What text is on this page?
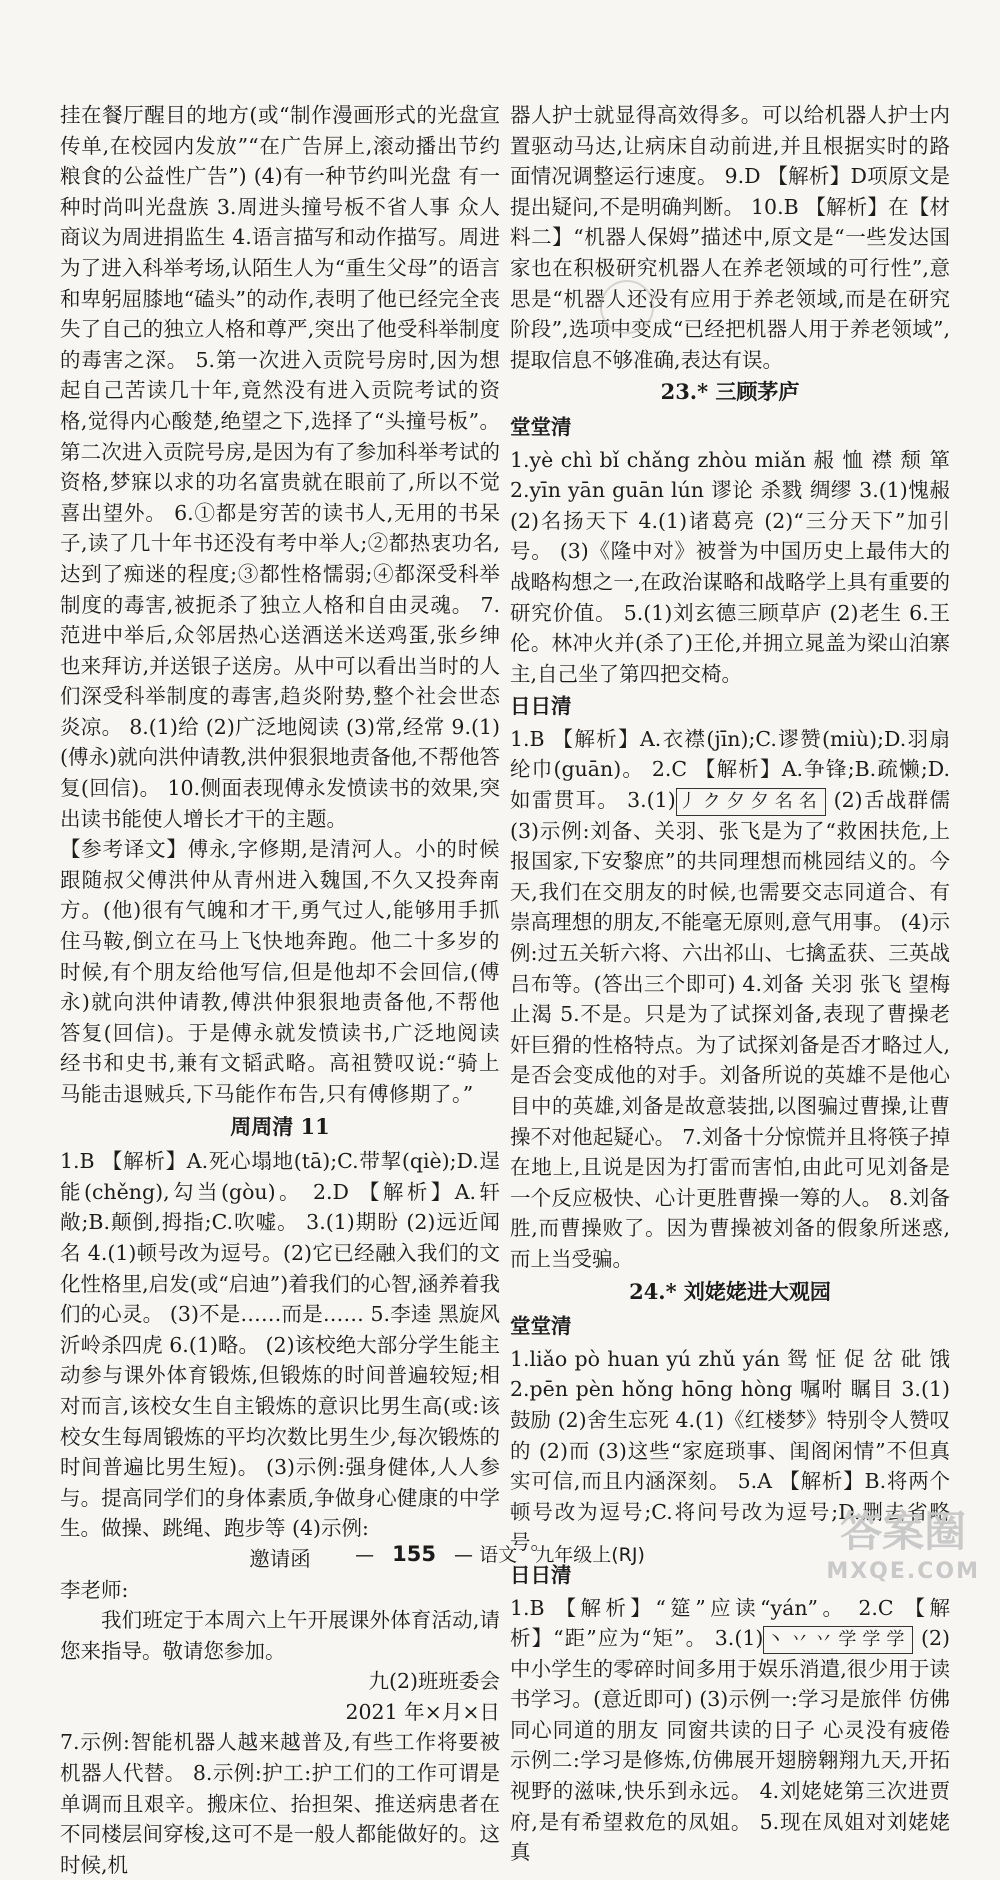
挂在餐厅醒目的地方(或“制作漫画形式的光盘宣传单,在校园内发放”“在广告屏上,滚动播出节约粮食的公益性广告”) (4)有一种节约叫光盘 有一种时尚叫光盘族 3.周进头撞号板不省人事 众人商议为周进捐监生 4.语言描写和动作描写。周进为了进入科举考场,认陌生人为“重生父母”的语言和卑躬屈膝地“磕头”的动作,表明了他已经完全丧失了自己的独立人格和尊严,突出了他受科举制度的毒害之深。 5.第一次进入贡院号房时,因为想起自己苦读几十年,竟然没有进入贡院考试的资格,觉得内心酸楚,绝望之下,选择了“头撞号板”。第二次进入贡院号房,是因为有了参加科举考试的资格,梦寐以求的功名富贵就在眼前了,所以不觉喜出望外。 6.①都是穷苦的读书人,无用的书呆子,读了几十年书还没有考中举人;②都热衷功名,达到了痴迷的程度;③都性格懦弱;④都深受科举制度的毒害,被扼杀了独立人格和自由灵魂。 7.范进中举后,众邻居热心送酒送米送鸡蛋,张乡绅也来拜访,并送银子送房。从中可以看出当时的人们深受科举制度的毒害,趋炎附势,整个社会世态炎凉。 8.(1)给 (2)广泛地阅读 (3)常,经常 9.(1)(傅永)就向洪仲请教,洪仲狠狠地责备他,不帮他答复(回信)。 10.侧面表现傅永发愤读书的效果,突出读书能使人增长才干的主题。

【参考译文】傅永,字修期,是清河人。小的时候跟随叔父傅洪仲从青州进入魏国,不久又投奔南方。(他)很有气魄和才干,勇气过人,能够用手抓住马鞍,倒立在马上飞快地奔跑。他二十多岁的时候,有个朋友给他写信,但是他却不会回信,(傅永)就向洪仲请教,傅洪仲狠狠地责备他,不帮他答复(回信)。于是傅永就发愤读书,广泛地阅读经书和史书,兼有文韬武略。高祖赞叹说:“骑上马能击退贼兵,下马能作布告,只有傅修期了。”

周周清 11

1.B 【解析】A.死心塌地(tā);C.带挈(qiè);D.逞能(chěng),勾当(gòu)。 2.D 【解析】A.轩敞;B.颠倒,拇指;C.吹嘘。 3.(1)期盼 (2)远近闻名 4.(1)顿号改为逗号。(2)它已经融入我们的文化性格里,启发(或“启迪”)着我们的心智,涵养着我们的心灵。 (3)不是……而是…… 5.李逵 黑旋风 沂岭杀四虎 6.(1)略。 (2)该校绝大部分学生能主动参与课外体育锻炼,但锻炼的时间普遍较短;相对而言,该校女生自主锻炼的意识比男生高(或:该校女生每周锻炼的平均次数比男生少,每次锻炼的时间普遍比男生短)。 (3)示例:强身健体,人人参与。提高同学们的身体素质,争做身心健康的中学生。做操、跳绳、跑步等 (4)示例:

邀请函
李老师:

我们班定于本周六上午开展课外体育活动,请您来指导。敬请您参加。

九(2)班班委会
2021 年×月×日

7.示例:智能机器人越来越普及,有些工作将要被机器人代替。 8.示例:护工:护工们的工作可谓是单调而且艰辛。搬床位、抬担架、推送病患者在不同楼层间穿梭,这可不是一般人都能做好的。这时候,机

器人护士就显得高效得多。可以给机器人护士内置驱动马达,让病床自动前进,并且根据实时的路面情况调整运行速度。 9.D 【解析】D项原文是提出疑问,不是明确判断。 10.B 【解析】在【材料二】“机器人保姆”描述中,原文是“一些发达国家也在积极研究机器人在养老领域的可行性”,意思是“机器人还没有应用于养老领域,而是在研究阶段”,选项中变成“已经把机器人用于养老领域”,提取信息不够准确,表达有误。

23.* 三顾茅庐
堂堂清

1.yè chì bǐ chǎng zhòu miǎn 赧 恤 襟 颓 箪 2.yīn yān guān lún 谬论 杀戮 绸缪 3.(1)愧赧 (2)名扬天下 4.(1)诸葛亮 (2)“三分天下”加引号。 (3)《隆中对》被誉为中国历史上最伟大的战略构想之一,在政治谋略和战略学上具有重要的研究价值。 5.(1)刘玄德三顾草庐 (2)老生 6.王伦。林冲火并(杀了)王伦,并拥立晁盖为梁山泊寨主,自己坐了第四把交椅。

日日清

1.B 【解析】A.衣襟(jīn);C.谬赞(miù);D.羽扇纶巾(guān)。 2.C 【解析】A.争锋;B.疏懒;D.如雷贯耳。 3.(1) 丿ク夕夕名名 (2)舌战群儒 (3)示例:刘备、关羽、张飞是为了“救困扶危,上报国家,下安黎庶”的共同理想而桃园结义的。今天,我们在交朋友的时候,也需要交志同道合、有崇高理想的朋友,不能毫无原则,意气用事。 (4)示例:过五关斩六将、六出祁山、七擒孟获、三英战吕布等。(答出三个即可) 4.刘备 关羽 张飞 望梅止渴 5.不是。只是为了试探刘备,表现了曹操老奸巨猾的性格特点。为了试探刘备是否才略过人,是否会变成他的对手。刘备所说的英雄不是他心目中的英雄,刘备是故意装拙,以图骗过曹操,让曹操不对他起疑心。 7.刘备十分惊慌并且将筷子掉在地上,且说是因为打雷而害怕,由此可见刘备是一个反应极快、心计更胜曹操一筹的人。 8.刘备胜,而曹操败了。因为曹操被刘备的假象所迷惑,而上当受骗。

24.* 刘姥姥进大观园
堂堂清

1.liǎo pò huan yú zhǔ yán 鸳 怔 促 岔 砒 饿 2.pēn pèn hǒng hōng hòng 嘱咐 瞩目 3.(1)鼓励 (2)舍生忘死 4.(1)《红楼梦》特别令人赞叹的 (2)而 (3)这些“家庭琐事、闺阁闲情”不但真实可信,而且内涵深刻。 5.A 【解析】B.将两个顿号改为逗号;C.将问号改为逗号;D.删去省略号。

日日清

1.B 【解析】“筵”应读“yán”。 2.C 【解析】“距”应为“矩”。 3.(1) 丶丷丷学学学 (2)中小学生的零碎时间多用于娱乐消遣,很少用于读书学习。(意近即可) (3)示例一:学习是旅伴 仿佛同心同道的朋友 同窗共读的日子 心灵没有疲倦 示例二:学习是修炼,仿佛展开翅膀翱翔九天,开拓视野的滋味,快乐到永远。 4.刘姥姥第三次进贾府,是有希望救危的凤姐。 5.现在凤姐对刘姥姥真

— 155 — 语文 九年级上(RJ)	答案圈
MXQE.COM
